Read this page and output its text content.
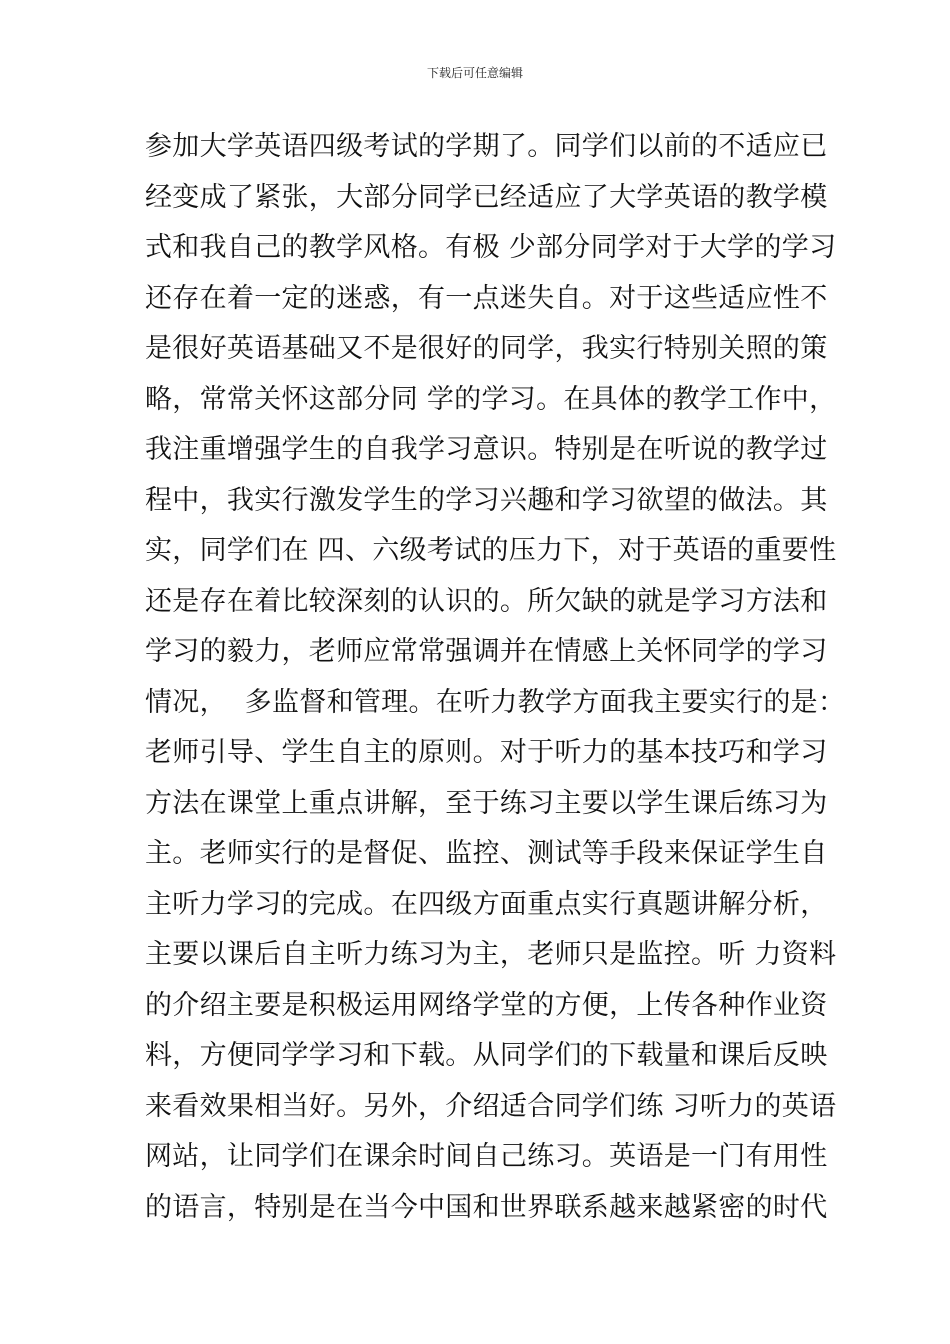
下载后可任意编辑
参加大学英语四级考试的学期了。同学们以前的不适应已
经变成了紧张，大部分同学已经适应了大学英语的教学模
式和我自己的教学风格。有极 少部分同学对于大学的学习
还存在着一定的迷惑，有一点迷失自。对于这些适应性不
是很好英语基础又不是很好的同学，我实行特别关照的策
略，常常关怀这部分同 学的学习。在具体的教学工作中，
我注重增强学生的自我学习意识。特别是在听说的教学过
程中，我实行激发学生的学习兴趣和学习欲望的做法。其
实，同学们在 四、六级考试的压力下，对于英语的重要性
还是存在着比较深刻的认识的。所欠缺的就是学习方法和
学习的毅力，老师应常常强调并在情感上关怀同学的学习
情况，  多监督和管理。在听力教学方面我主要实行的是：
老师引导、学生自主的原则。对于听力的基本技巧和学习
方法在课堂上重点讲解，至于练习主要以学生课后练习为
主。老师实行的是督促、监控、测试等手段来保证学生自
主听力学习的完成。在四级方面重点实行真题讲解分析，
主要以课后自主听力练习为主，老师只是监控。听 力资料
的介绍主要是积极运用网络学堂的方便，上传各种作业资
料，方便同学学习和下载。从同学们的下载量和课后反映
来看效果相当好。另外，介绍适合同学们练 习听力的英语
网站，让同学们在课余时间自己练习。英语是一门有用性
的语言，特别是在当今中国和世界联系越来越紧密的时代
